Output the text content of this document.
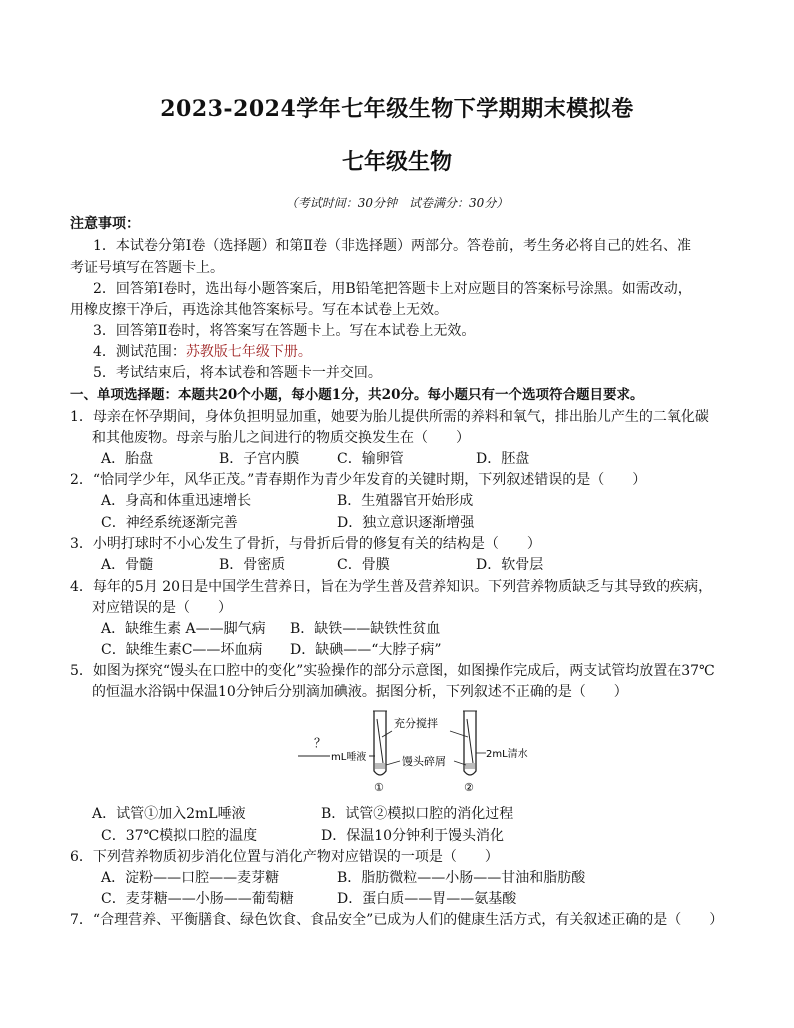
2023-2024学年七年级生物下学期期末模拟卷
七年级生物
（考试时间：30分钟　试卷满分：30分）
注意事项：
1．本试卷分第Ⅰ卷（选择题）和第Ⅱ卷（非选择题）两部分。答卷前，考生务必将自己的姓名、准
考证号填写在答题卡上。
2．回答第Ⅰ卷时，选出每小题答案后，用B铅笔把答题卡上对应题目的答案标号涂黑。如需改动，
用橡皮擦干净后，再选涂其他答案标号。写在本试卷上无效。
3．回答第Ⅱ卷时，将答案写在答题卡上。写在本试卷上无效。
4．测试范围：苏教版七年级下册。
5．考试结束后，将本试卷和答题卡一并交回。
一、单项选择题：本题共20个小题，每小题1分，共20分。每小题只有一个选项符合题目要求。
1．母亲在怀孕期间，身体负担明显加重，她要为胎儿提供所需的养料和氧气，排出胎儿产生的二氧化碳
和其他废物。母亲与胎儿之间进行的物质交换发生在（　　）
A．胎盘	B．子宫内膜	C．输卵管	D．胚盘
2．“恰同学少年，风华正茂。”青春期作为青少年发育的关键时期，下列叙述错误的是（　　）
A．身高和体重迅速增长	B．生殖器官开始形成
C．神经系统逐渐完善	D．独立意识逐渐增强
3．小明打球时不小心发生了骨折，与骨折后骨的修复有关的结构是（　　）
A．骨髓	B．骨密质	C．骨膜	D．软骨层
4．每年的5月 20日是中国学生营养日，旨在为学生普及营养知识。下列营养物质缺乏与其导致的疾病，
对应错误的是（　　）
A．缺维生素 A——脚气病 B．缺铁——缺铁性贫血
C．缺维生素C——坏血病 D．缺碘——“大脖子病”
5．如图为探究“馒头在口腔中的变化”实验操作的部分示意图，如图操作完成后，两支试管均放置在37℃
的恒温水浴锅中保温10分钟后分别滴加碘液。据图分析，下列叙述不正确的是（　　）
？
mL唾液
充分搅拌
2mL清水
馒头碎屑
①	②
A．试管①加入2mL唾液	B．试管②模拟口腔的消化过程
C．37℃模拟口腔的温度	D．保温10分钟利于馒头消化
6．下列营养物质初步消化位置与消化产物对应错误的一项是（　　）
A．淀粉——口腔——麦芽糖	B．脂肪微粒——小肠——甘油和脂肪酸
C．麦芽糖——小肠——葡萄糖	D．蛋白质——胃——氨基酸
7．“合理营养、平衡膳食、绿色饮食、食品安全”已成为人们的健康生活方式，有关叙述正确的是（　　）
